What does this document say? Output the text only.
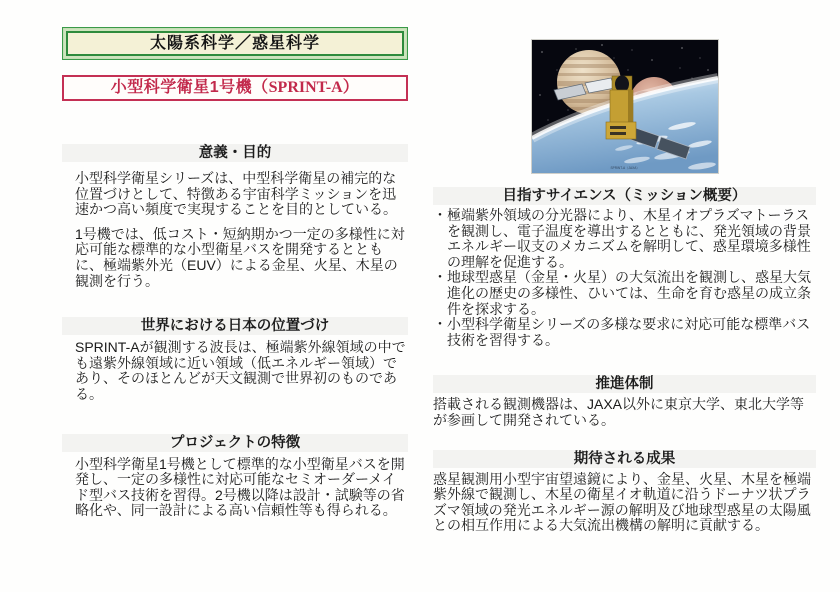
太陽系科学／惑星科学
小型科学衛星1号機（SPRINT-A）
意義・目的
小型科学衛星シリーズは、中型科学衛星の補完的な位置づけとして、特徴ある宇宙科学ミッションを迅速かつ高い頻度で実現することを目的としている。
1号機では、低コスト・短納期かつ一定の多様性に対応可能な標準的な小型衛星バスを開発するとともに、極端紫外光（EUV）による金星、火星、木星の観測を行う。
世界における日本の位置づけ
SPRINT-Aが観測する波長は、極端紫外線領域の中でも遠紫外線領域に近い領域（低エネルギー領域）であり、そのほとんどが天文観測で世界初のものである。
プロジェクトの特徴
小型科学衛星1号機として標準的な小型衛星バスを開発し、一定の多様性に対応可能なセミオーダーメイド型バス技術を習得。2号機以降は設計・試験等の省略化や、同一設計による高い信頼性等も得られる。
SPRINT-A（JAXA）
目指すサイエンス（ミッション概要）
・極端紫外領域の分光器により、木星イオプラズマトーラスを観測し、電子温度を導出するとともに、発光領域の背景エネルギー収支のメカニズムを解明して、惑星環境多様性の理解を促進する。
・地球型惑星（金星・火星）の大気流出を観測し、惑星大気進化の歴史の多様性、ひいては、生命を育む惑星の成立条件を探求する。
・小型科学衛星シリーズの多様な要求に対応可能な標準バス技術を習得する。
推進体制
搭載される観測機器は、JAXA以外に東京大学、東北大学等が参画して開発されている。
期待される成果
惑星観測用小型宇宙望遠鏡により、金星、火星、木星を極端紫外線で観測し、木星の衛星イオ軌道に沿うドーナツ状プラズマ領域の発光エネルギー源の解明及び地球型惑星の太陽風との相互作用による大気流出機構の解明に貢献する。
